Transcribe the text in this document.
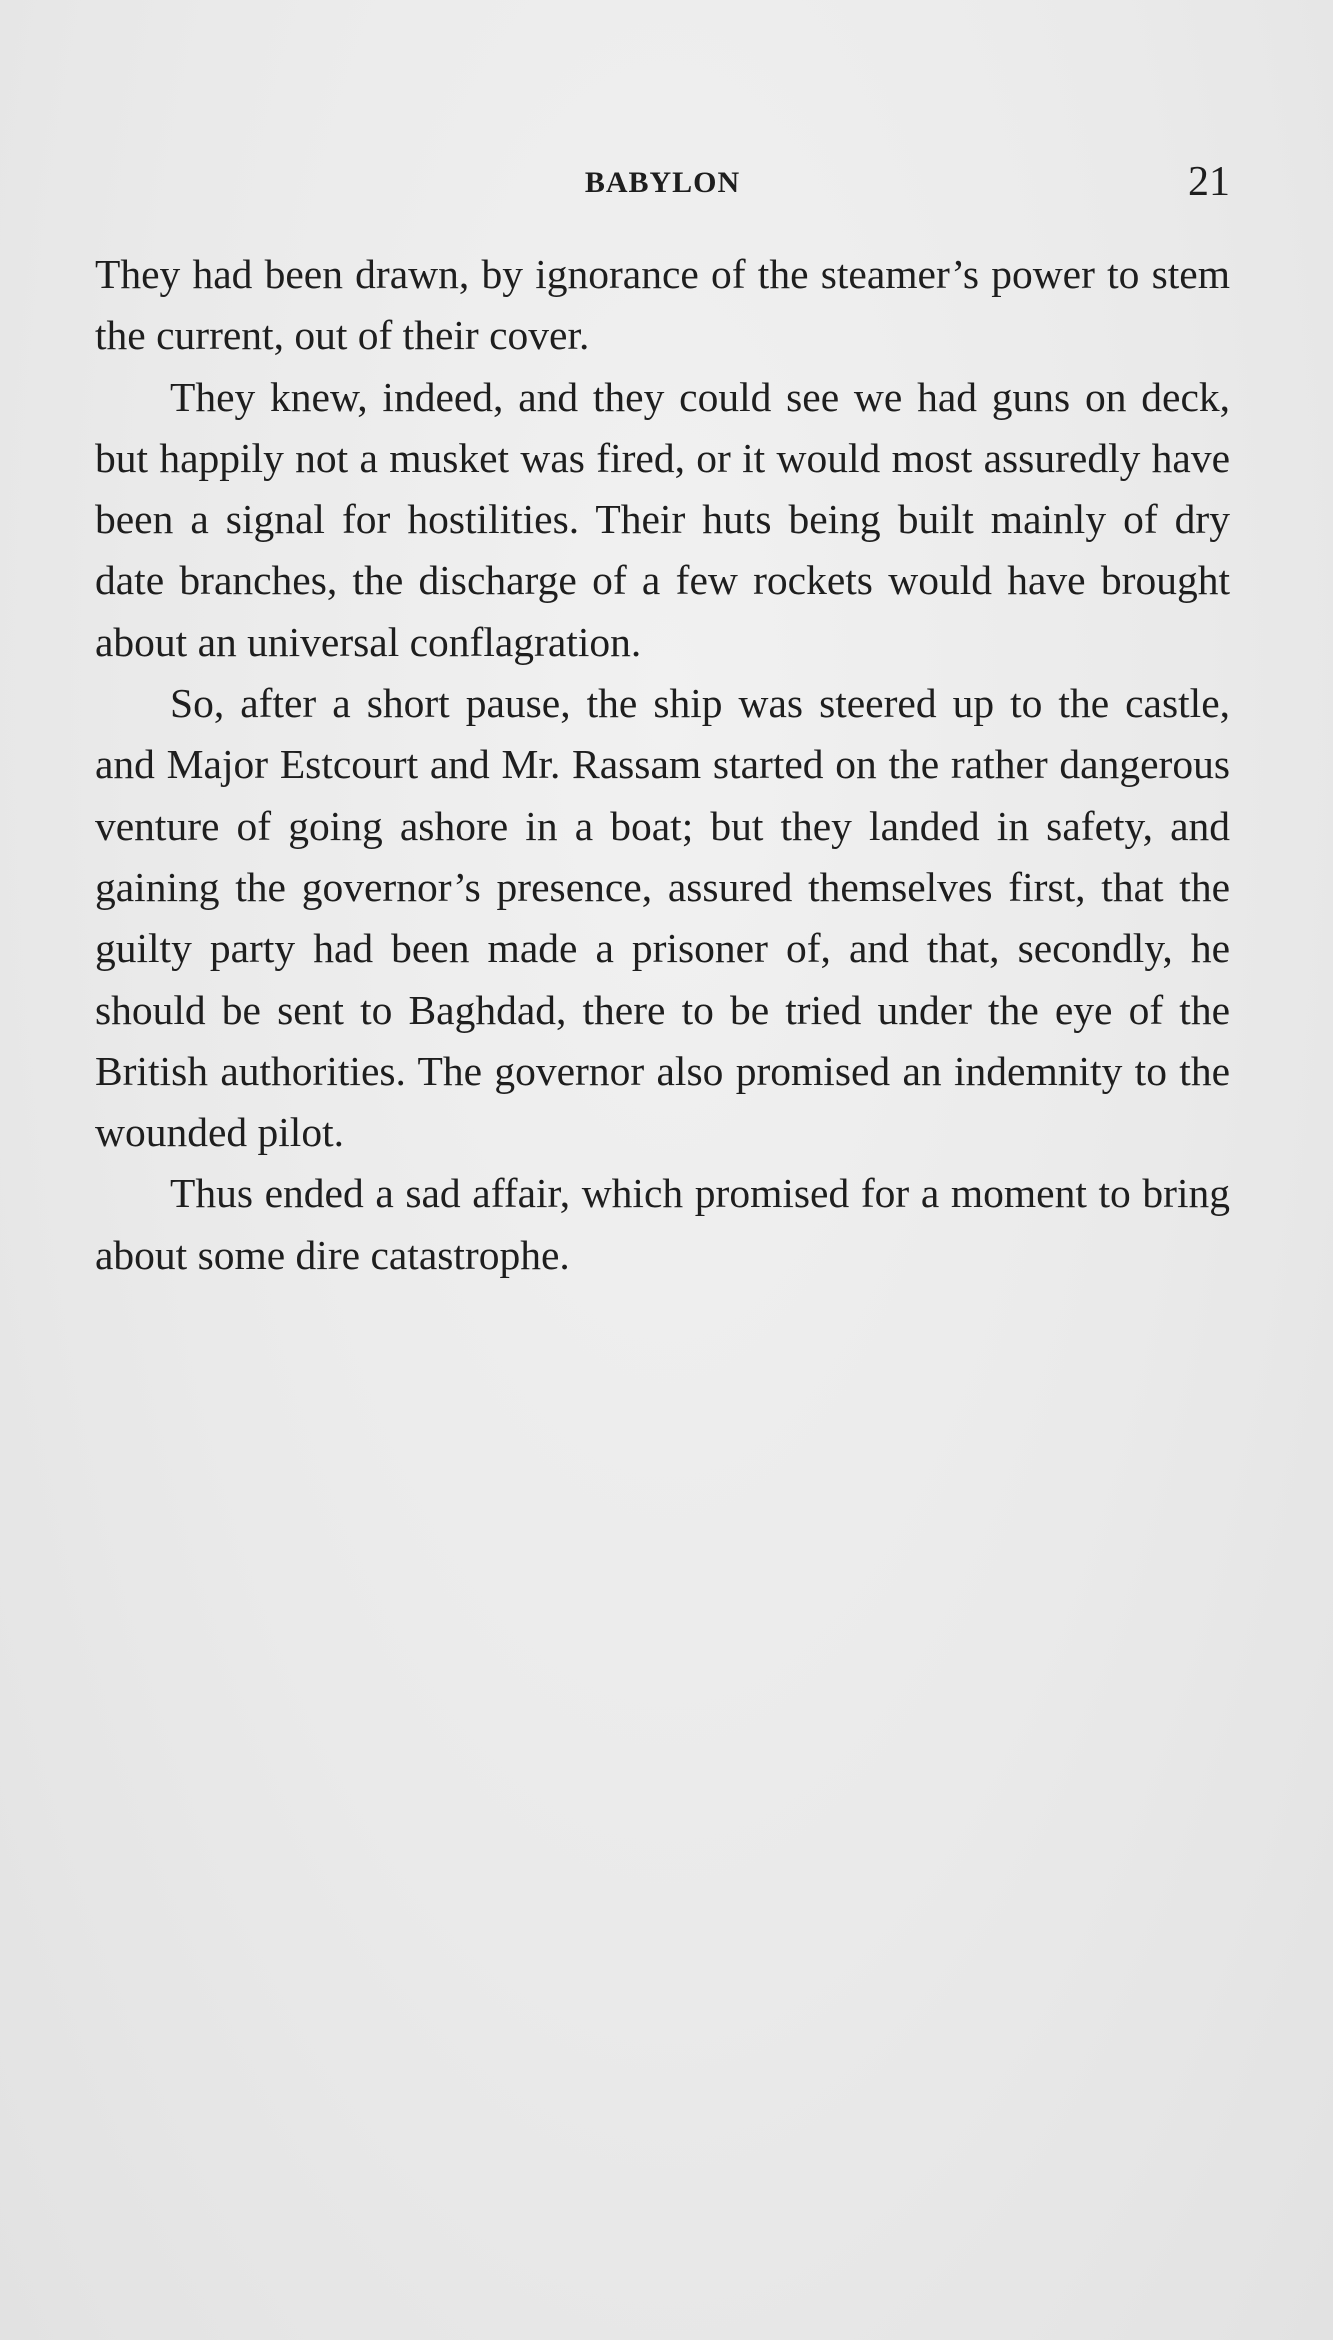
BABYLON	21

They had been drawn, by ignorance of the steamer’s power to stem the current, out of their cover.

They knew, indeed, and they could see we had guns on deck, but happily not a musket was fired, or it would most assuredly have been a signal for hostilities. Their huts being built mainly of dry date branches, the discharge of a few rockets would have brought about an universal conflagration.

So, after a short pause, the ship was steered up to the castle, and Major Estcourt and Mr. Rassam started on the rather dangerous venture of going ashore in a boat; but they landed in safety, and gaining the governor’s presence, assured themselves first, that the guilty party had been made a prisoner of, and that, secondly, he should be sent to Baghdad, there to be tried under the eye of the British authorities. The governor also promised an indemnity to the wounded pilot.

Thus ended a sad affair, which promised for a moment to bring about some dire catastrophe.
